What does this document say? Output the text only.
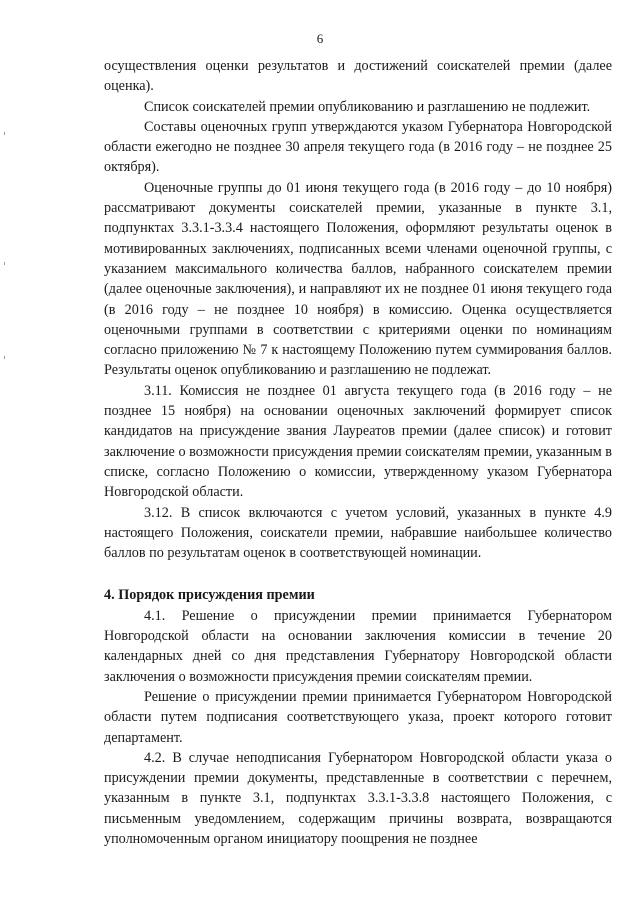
6

осуществления оценки результатов и достижений соискателей премии (далее оценка).

Список соискателей премии опубликованию и разглашению не подлежит.

Составы оценочных групп утверждаются указом Губернатора Новгородской области ежегодно не позднее 30 апреля текущего года (в 2016 году – не позднее 25 октября).

Оценочные группы до 01 июня текущего года (в 2016 году – до 10 ноября) рассматривают документы соискателей премии, указанные в пункте 3.1, подпунктах 3.3.1-3.3.4 настоящего Положения, оформляют результаты оценок в мотивированных заключениях, подписанных всеми членами оценочной группы, с указанием максимального количества баллов, набранного соискателем премии (далее оценочные заключения), и направляют их не позднее 01 июня текущего года (в 2016 году – не позднее 10 ноября) в комиссию. Оценка осуществляется оценочными группами в соответствии с критериями оценки по номинациям согласно приложению № 7 к настоящему Положению путем суммирования баллов. Результаты оценок опубликованию и разглашению не подлежат.

3.11. Комиссия не позднее 01 августа текущего года (в 2016 году – не позднее 15 ноября) на основании оценочных заключений формирует список кандидатов на присуждение звания Лауреатов премии (далее список) и готовит заключение о возможности присуждения премии соискателям премии, указанным в списке, согласно Положению о комиссии, утвержденному указом Губернатора Новгородской области.

3.12. В список включаются с учетом условий, указанных в пункте 4.9 настоящего Положения, соискатели премии, набравшие наибольшее количество баллов по результатам оценок в соответствующей номинации.

4. Порядок присуждения премии

4.1. Решение о присуждении премии принимается Губернатором Новгородской области на основании заключения комиссии в течение 20 календарных дней со дня представления Губернатору Новгородской области заключения о возможности присуждения премии соискателям премии.

Решение о присуждении премии принимается Губернатором Новгородской области путем подписания соответствующего указа, проект которого готовит департамент.

4.2. В случае неподписания Губернатором Новгородской области указа о присуждении премии документы, представленные в соответствии с перечнем, указанным в пункте 3.1, подпунктах 3.3.1-3.3.8 настоящего Положения, с письменным уведомлением, содержащим причины возврата, возвращаются уполномоченным органом инициатору поощрения не позднее
